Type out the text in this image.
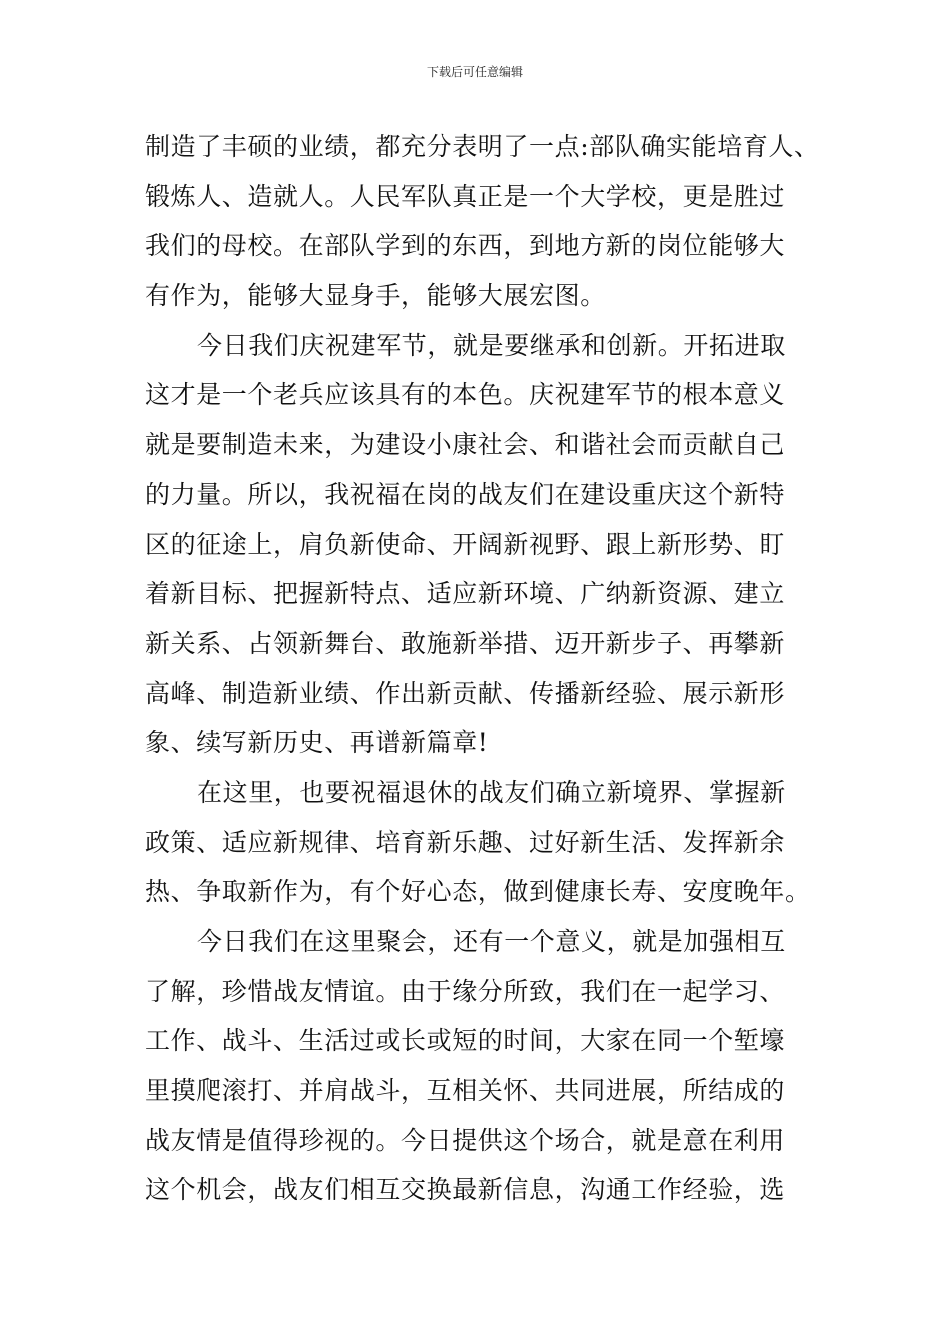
下载后可任意编辑
制造了丰硕的业绩，都充分表明了一点:部队确实能培育人、
锻炼人、造就人。人民军队真正是一个大学校，更是胜过
我们的母校。在部队学到的东西，到地方新的岗位能够大
有作为，能够大显身手，能够大展宏图。
今日我们庆祝建军节，就是要继承和创新。开拓进取
这才是一个老兵应该具有的本色。庆祝建军节的根本意义
就是要制造未来，为建设小康社会、和谐社会而贡献自己
的力量。所以，我祝福在岗的战友们在建设重庆这个新特
区的征途上，肩负新使命、开阔新视野、跟上新形势、盯
着新目标、把握新特点、适应新环境、广纳新资源、建立
新关系、占领新舞台、敢施新举措、迈开新步子、再攀新
高峰、制造新业绩、作出新贡献、传播新经验、展示新形
象、续写新历史、再谱新篇章!
在这里，也要祝福退休的战友们确立新境界、掌握新
政策、适应新规律、培育新乐趣、过好新生活、发挥新余
热、争取新作为，有个好心态，做到健康长寿、安度晚年。
今日我们在这里聚会，还有一个意义，就是加强相互
了解，珍惜战友情谊。由于缘分所致，我们在一起学习、
工作、战斗、生活过或长或短的时间，大家在同一个堑壕
里摸爬滚打、并肩战斗，互相关怀、共同进展，所结成的
战友情是值得珍视的。今日提供这个场合，就是意在利用
这个机会，战友们相互交换最新信息，沟通工作经验，选
